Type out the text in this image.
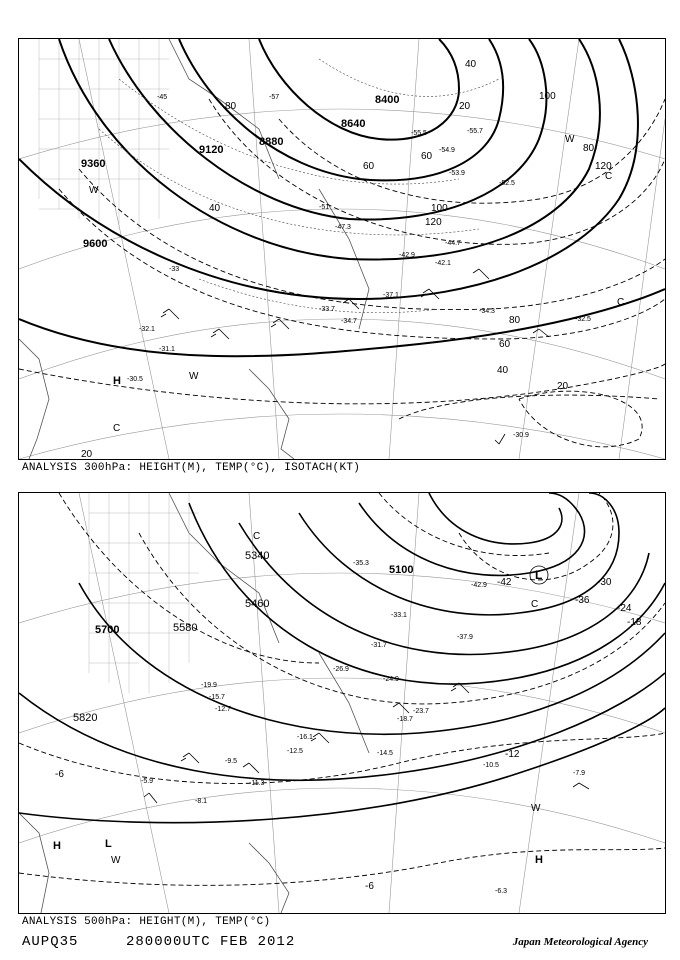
9600
9360
9120
8880
8640
8400
20
40
60
80
100
120
20
40
60
80
100
120
40
60
80
20
-33
-45
-51
-55.5
-57
-53.9
-54.9
-55.7
-42.1
-42.9
-44.7
-47.3
-37.1
-34.3
-32.5
-33.7
-34.7
-32.1
-30.9
-31.1
-30.5
-52.5
H	W
C
W
C
C
W
ANALYSIS 300hPa: HEIGHT(M), TEMP(°C), ISOTACH(KT)
5820
5700	5580
5460
5340
5100
-42
-36
-30
-24
-18
-12
-6
-6
-42.9
-37.9
-35.3
-31.7
-33.1
-26.9
-24.9
-23.7
-19.9
-18.7
-16.1
-14.5
-12.5
-10.5
-7.9
-6.3
-9.5
-11.3
-8.1
-5.9
-15.7
-12.7
H	L
W	H
W
L
C
C
ANALYSIS 500hPa: HEIGHT(M), TEMP(°C)
AUPQ35	280000UTC FEB 2012	Japan Meteorological Agency
